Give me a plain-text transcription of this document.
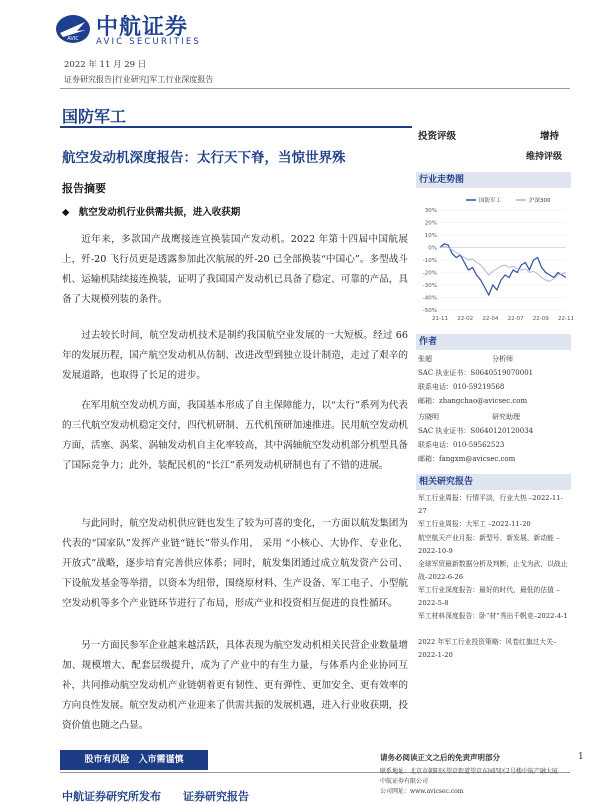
AVIC 中航证券
AVIC SECURITIES
2022 年 11 月 29 日
证券研究报告|行业研究|军工行业深度报告
国防军工
航空发动机深度报告：太行天下脊，当惊世界殊
报告摘要
◆　航空发动机行业供需共振，进入收获期
近年来，多款国产战鹰接连宣换装国产发动机。2022 年第十四届中国航展上，歼-20 飞行员更是透露参加此次航展的歼-20 已全部换装“中国心”。多型战斗机、运输机陆续接连换装，证明了我国国产发动机已具备了稳定、可靠的产品，具备了大规模列装的条件。
过去较长时间，航空发动机技术是制约我国航空业发展的一大短板。经过 66 年的发展历程，国产航空发动机从仿制、改进改型到独立设计制造，走过了艰辛的发展道路，也取得了长足的进步。
在军用航空发动机方面，我国基本形成了自主保障能力，以“太行”系列为代表的三代航空发动机稳定交付，四代机研制、五代机预研加速推进。民用航空发动机方面，活塞、涡桨、涡轴发动机自主化率较高，其中涡轴航空发动机部分机型具备了国际竞争力；此外，装配民机的“长江”系列发动机研制也有了不错的进展。
与此同时，航空发动机供应链也发生了较为可喜的变化，一方面以航发集团为代表的“国家队”发挥产业链“链长”带头作用， 采用 “小核心、大协作、专业化、开放式”战略，逐步培育完善供应体系；同时，航发集团通过成立航发资产公司、下设航发基金等举措，以资本为纽带，围绕原材料、生产设备、军工电子、小型航空发动机等多个产业链环节进行了布局，形成产业和投资相互促进的良性循环。
另一方面民参军企业越来越活跃，具体表现为航空发动机相关民营企业数量增加、规模增大、配套层级提升，成为了产业中的有生力量，与体系内企业协同互补，共同推动航空发动机产业链朝着更有韧性、更有弹性、更加安全、更有效率的方向良性发展。航空发动机产业迎来了供需共振的发展机遇，进入行业收获期，投资价值也随之凸显。
投资评级	增持
维持评级
行业走势图
30%
20%
10%
0%
-10%
-20%
-30%
-40%
-50%
21-11 22-02 22-04 22-07 22-09 22-11
国防军工	沪深300
作者
张超	分析师
SAC 执业证书：S0640519070001
联系电话：010-59219568
邮箱：zhangchao@avicsec.com
方晓明	研究助理
SAC 执业证书：S0640120120034
联系电话：010-59562523
邮箱：fangxm@avicsec.com
相关研究报告
军工行业周报：行情平淡，行业大热 –2022-11-27
军工行业周报：大军工 –2022-11-20
航空航天产业月报：新型号、新发展、新动能 –2022-10-9
全球军贸最新数据分析及判断，止戈为武，以战止战–2022-6-26
军工行业深度报告：最好的时代，最低的估值 –2022-5-8
军工材料深度报告：卧“材”秀出千帆竞–2022-4-1
2022 年军工行业投资策略：风卷红旗过大关–2022-1-20
股市有风险　入市需谨慎	请务必阅读正文之后的免责声明部分
联系地址：北京市朝阳区望京街道望京东园四区2号楼中航产融大厦
中航证券有限公司
公司网址：www.avicsec.com
1
中航证券研究所发布　　证券研究报告
